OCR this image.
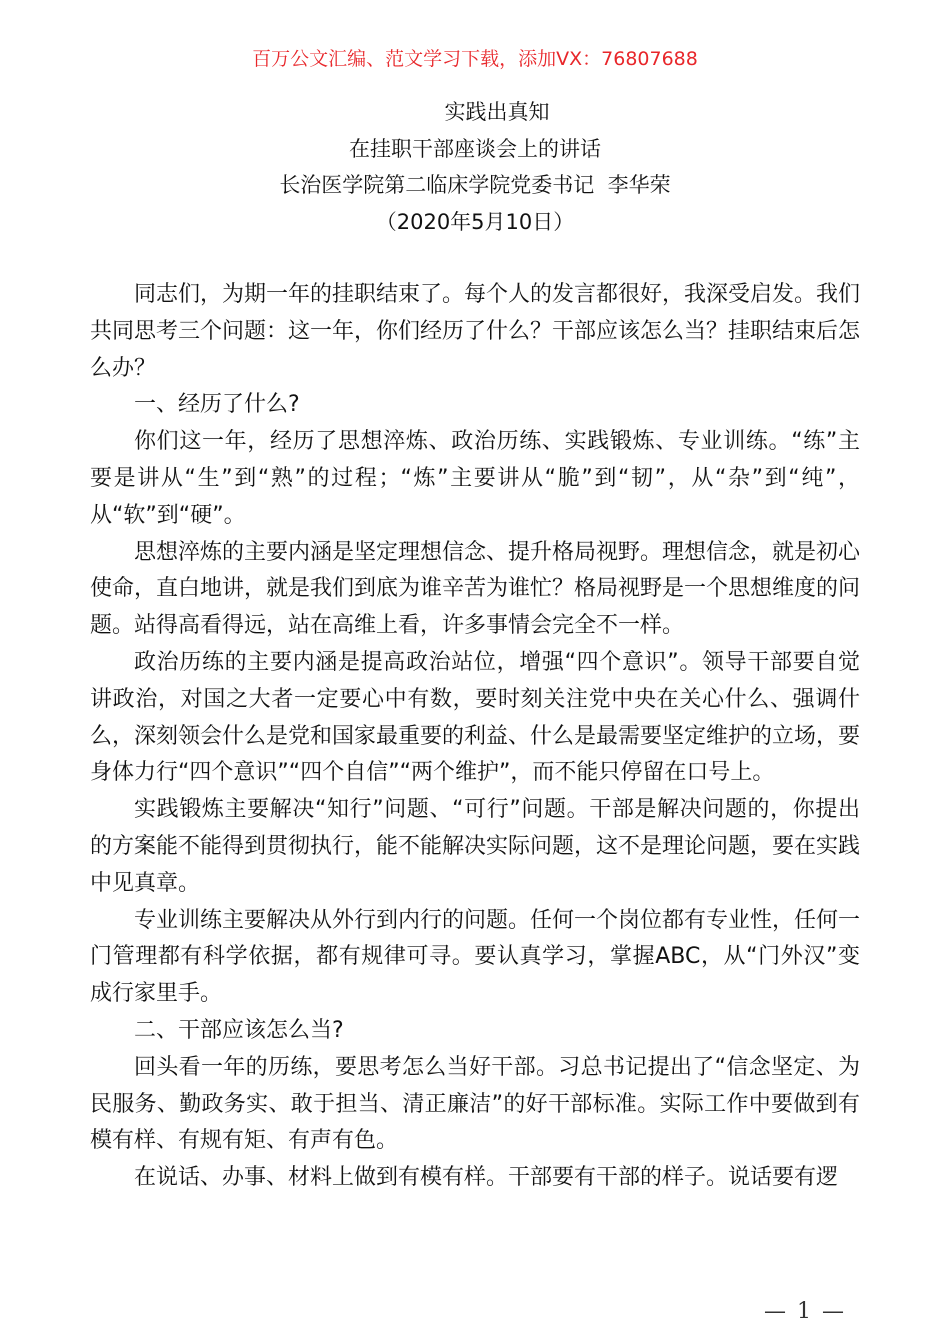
百万公文汇编、范文学习下载，添加VX：76807688
实践出真知
在挂职干部座谈会上的讲话
长治医学院第二临床学院党委书记  李华荣
（2020年5月10日）

同志们，为期一年的挂职结束了。每个人的发言都很好，我深受启发。我们共同思考三个问题：这一年，你们经历了什么？干部应该怎么当？挂职结束后怎么办？

一、经历了什么?

你们这一年，经历了思想淬炼、政治历练、实践锻炼、专业训练。“练”主要是讲从“生”到“熟”的过程；“炼”主要讲从“脆”到“韧”，从“杂”到“纯”，从“软”到“硬”。

思想淬炼的主要内涵是坚定理想信念、提升格局视野。理想信念，就是初心使命，直白地讲，就是我们到底为谁辛苦为谁忙？格局视野是一个思想维度的问题。站得高看得远，站在高维上看，许多事情会完全不一样。

政治历练的主要内涵是提高政治站位，增强“四个意识”。领导干部要自觉讲政治，对国之大者一定要心中有数，要时刻关注党中央在关心什么、强调什么，深刻领会什么是党和国家最重要的利益、什么是最需要坚定维护的立场，要身体力行“四个意识”“四个自信”“两个维护”，而不能只停留在口号上。

实践锻炼主要解决“知行”问题、“可行”问题。干部是解决问题的，你提出的方案能不能得到贯彻执行，能不能解决实际问题，这不是理论问题，要在实践中见真章。

专业训练主要解决从外行到内行的问题。任何一个岗位都有专业性，任何一门管理都有科学依据，都有规律可寻。要认真学习，掌握ABC，从“门外汉”变成行家里手。

二、干部应该怎么当?

回头看一年的历练，要思考怎么当好干部。习总书记提出了“信念坚定、为民服务、勤政务实、敢于担当、清正廉洁”的好干部标准。实际工作中要做到有模有样、有规有矩、有声有色。

在说话、办事、材料上做到有模有样。干部要有干部的样子。说话要有逻

— 1 —
